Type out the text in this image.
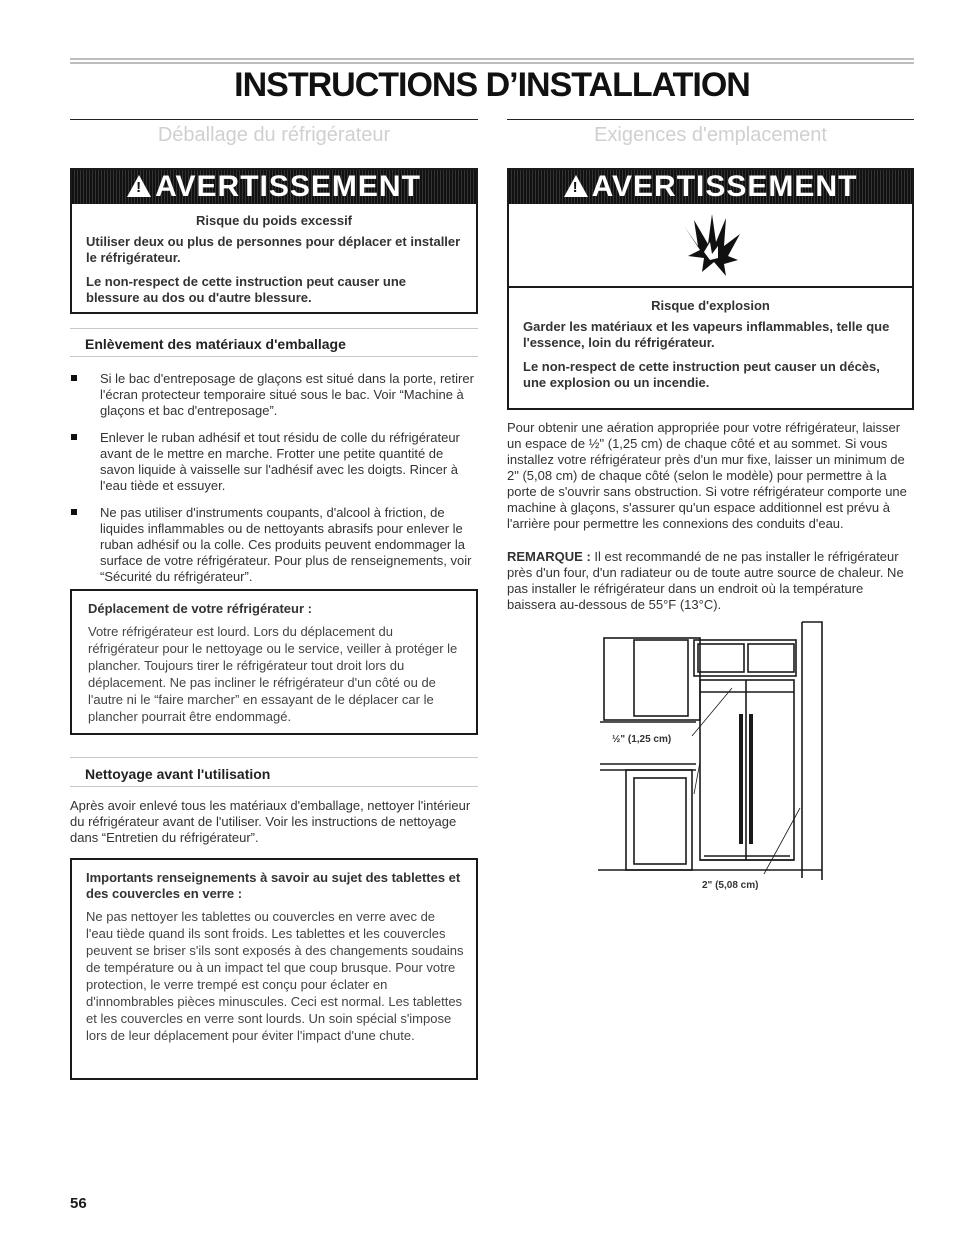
INSTRUCTIONS D’INSTALLATION
Déballage du réfrigérateur
!AVERTISSEMENT
Risque du poids excessif

Utiliser deux ou plus de personnes pour déplacer et installer le réfrigérateur.

Le non-respect de cette instruction peut causer une blessure au dos ou d'autre blessure.

Enlèvement des matériaux d'emballage
Si le bac d'entreposage de glaçons est situé dans la porte, retirer l'écran protecteur temporaire situé sous le bac. Voir “Machine à glaçons et bac d'entreposage”.
Enlever le ruban adhésif et tout résidu de colle du réfrigérateur avant de le mettre en marche. Frotter une petite quantité de savon liquide à vaisselle sur l'adhésif avec les doigts. Rincer à l'eau tiède et essuyer.
Ne pas utiliser d'instruments coupants, d'alcool à friction, de liquides inflammables ou de nettoyants abrasifs pour enlever le ruban adhésif ou la colle. Ces produits peuvent endommager la surface de votre réfrigérateur. Pour plus de renseignements, voir “Sécurité du réfrigérateur”.
Déplacement de votre réfrigérateur :
Votre réfrigérateur est lourd. Lors du déplacement du réfrigérateur pour le nettoyage ou le service, veiller à protéger le plancher. Toujours tirer le réfrigérateur tout droit lors du déplacement. Ne pas incliner le réfrigérateur d'un côté ou de l'autre ni le “faire marcher” en essayant de le déplacer car le plancher pourrait être endommagé.
Nettoyage avant l'utilisation

Après avoir enlevé tous les matériaux d'emballage, nettoyer l'intérieur du réfrigérateur avant de l'utiliser. Voir les instructions de nettoyage dans “Entretien du réfrigérateur”.

Importants renseignements à savoir au sujet des tablettes et des couvercles en verre :
Ne pas nettoyer les tablettes ou couvercles en verre avec de l'eau tiède quand ils sont froids. Les tablettes et les couvercles peuvent se briser s'ils sont exposés à des changements soudains de température ou à un impact tel que coup brusque. Pour votre protection, le verre trempé est conçu pour éclater en d'innombrables pièces minuscules. Ceci est normal. Les tablettes et les couvercles en verre sont lourds. Un soin spécial s'impose lors de leur déplacement pour éviter l'impact d'une chute.
Exigences d'emplacement
!AVERTISSEMENT
Risque d'explosion

Garder les matériaux et les vapeurs inflammables, telle que l'essence, loin du réfrigérateur.

Le non-respect de cette instruction peut causer un décès, une explosion ou un incendie.

Pour obtenir une aération appropriée pour votre réfrigérateur, laisser un espace de ½" (1,25 cm) de chaque côté et au sommet. Si vous installez votre réfrigérateur près d'un mur fixe, laisser un minimum de 2" (5,08 cm) de chaque côté (selon le modèle) pour permettre à la porte de s'ouvrir sans obstruction. Si votre réfrigérateur comporte une machine à glaçons, s'assurer qu'un espace additionnel est prévu à l'arrière pour permettre les connexions des conduits d'eau.

REMARQUE : Il est recommandé de ne pas installer le réfrigérateur près d'un four, d'un radiateur ou de toute autre source de chaleur. Ne pas installer le réfrigérateur dans un endroit où la température baissera au-dessous de 55°F (13°C).

½" (1,25 cm)
2" (5,08 cm)
56
